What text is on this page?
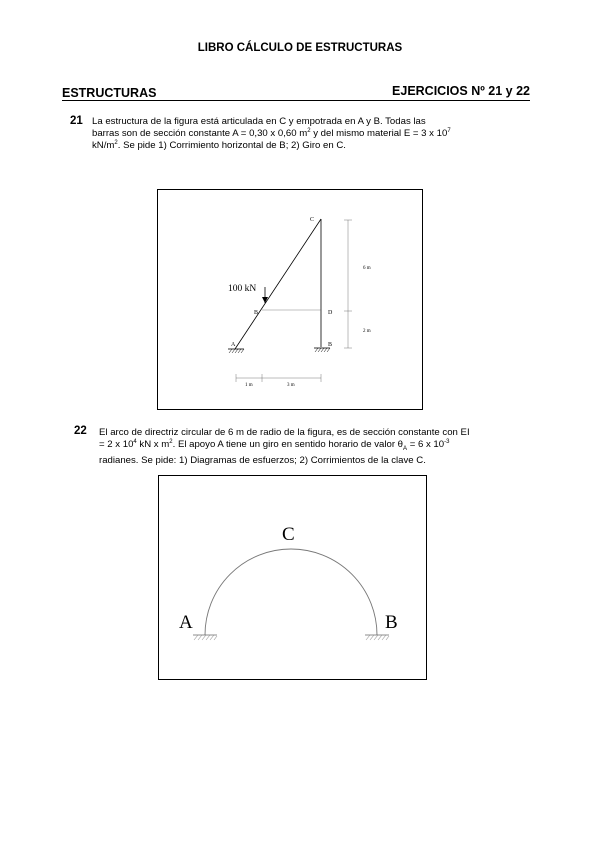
LIBRO CÁLCULO DE ESTRUCTURAS
ESTRUCTURAS	EJERCICIOS Nº 21 y 22
21 La estructura de la figura está articulada en C y empotrada en A y B. Todas las
barras son de sección constante A = 0,30 x 0,60 $m^2$ y del mismo material E = 3 x $10^7$
$kN/m^2$. Se pide 1) Corrimiento horizontal de B; 2) Giro en C.
100 kN
A
B
C
D
B
6 m
2 m
1 m	3 m
22 El arco de directriz circular de 6 m de radio de la figura, es de sección constante con EI
= 2 x $10^4$ kN x $m^2$. El apoyo A tiene un giro en sentido horario de valor $\theta_A = 6$ x $10^{-3}$
radianes. Se pide: 1) Diagramas de esfuerzos; 2) Corrimientos de la clave C.
A	B
C
